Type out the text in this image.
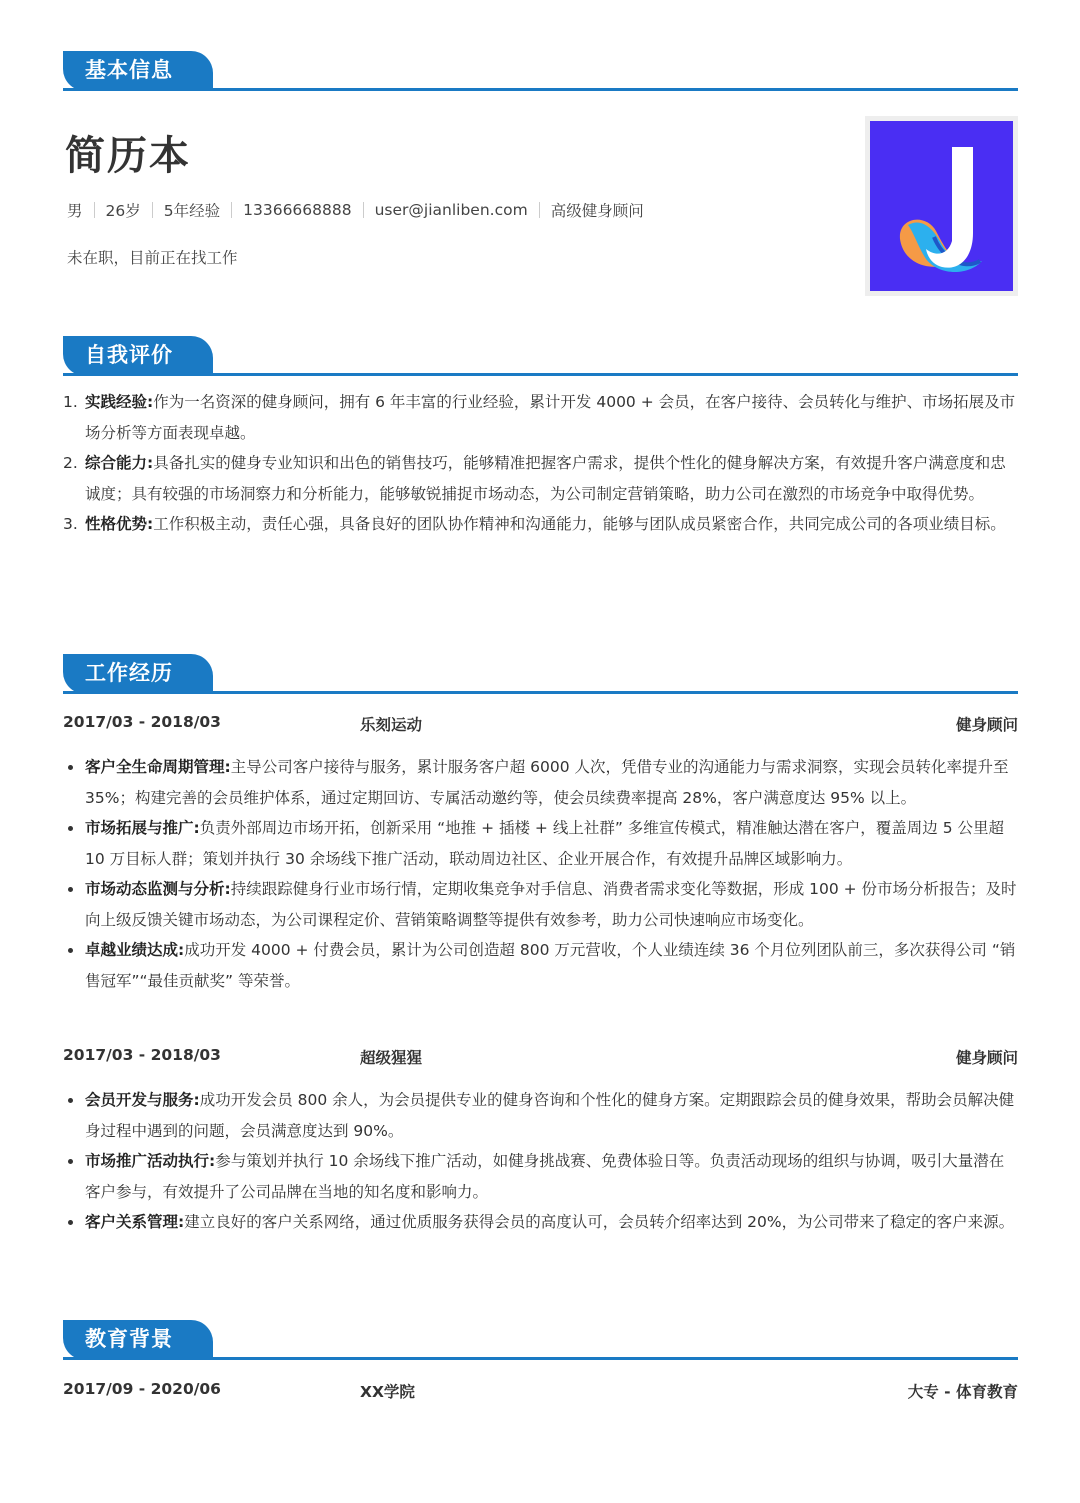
基本信息
简历本
男 26岁 5年经验 13366668888 user@jianliben.com 高级健身顾问
未在职，目前正在找工作
自我评价
1. 实践经验:作为一名资深的健身顾问，拥有 6 年丰富的行业经验，累计开发 4000 + 会员，在客户接待、会员转化与维护、市场拓展及市场分析等方面表现卓越。
2. 综合能力:具备扎实的健身专业知识和出色的销售技巧，能够精准把握客户需求，提供个性化的健身解决方案，有效提升客户满意度和忠诚度；具有较强的市场洞察力和分析能力，能够敏锐捕捉市场动态，为公司制定营销策略，助力公司在激烈的市场竞争中取得优势。
3. 性格优势:工作积极主动，责任心强，具备良好的团队协作精神和沟通能力，能够与团队成员紧密合作，共同完成公司的各项业绩目标。
工作经历
2017/03 - 2018/03	乐刻运动	健身顾问
客户全生命周期管理:主导公司客户接待与服务，累计服务客户超 6000 人次，凭借专业的沟通能力与需求洞察，实现会员转化率提升至 35%；构建完善的会员维护体系，通过定期回访、专属活动邀约等，使会员续费率提高 28%，客户满意度达 95% 以上。
市场拓展与推广:负责外部周边市场开拓，创新采用 “地推 + 插楼 + 线上社群” 多维宣传模式，精准触达潜在客户，覆盖周边 5 公里超 10 万目标人群；策划并执行 30 余场线下推广活动，联动周边社区、企业开展合作，有效提升品牌区域影响力。
市场动态监测与分析:持续跟踪健身行业市场行情，定期收集竞争对手信息、消费者需求变化等数据，形成 100 + 份市场分析报告；及时向上级反馈关键市场动态，为公司课程定价、营销策略调整等提供有效参考，助力公司快速响应市场变化。
卓越业绩达成:成功开发 4000 + 付费会员，累计为公司创造超 800 万元营收，个人业绩连续 36 个月位列团队前三，多次获得公司 “销售冠军”“最佳贡献奖” 等荣誉。
2017/03 - 2018/03	超级猩猩	健身顾问
会员开发与服务:成功开发会员 800 余人，为会员提供专业的健身咨询和个性化的健身方案。定期跟踪会员的健身效果，帮助会员解决健身过程中遇到的问题，会员满意度达到 90%。
市场推广活动执行:参与策划并执行 10 余场线下推广活动，如健身挑战赛、免费体验日等。负责活动现场的组织与协调，吸引大量潜在客户参与，有效提升了公司品牌在当地的知名度和影响力。
客户关系管理:建立良好的客户关系网络，通过优质服务获得会员的高度认可，会员转介绍率达到 20%，为公司带来了稳定的客户来源。
教育背景
2017/09 - 2020/06	XX学院	大专 - 体育教育
